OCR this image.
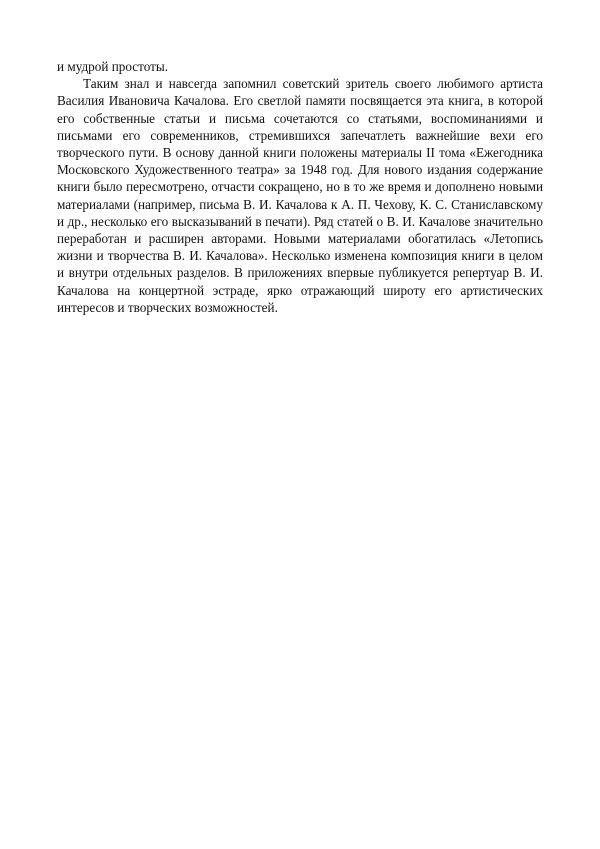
и мудрой простоты.

Таким знал и навсегда запомнил советский зритель своего любимого артиста Василия Ивановича Качалова. Его светлой памяти посвящается эта книга, в которой его собственные статьи и письма сочетаются со статьями, воспоминаниями и письмами его современников, стремившихся запечатлеть важнейшие вехи его творческого пути. В основу данной книги положены материалы II тома «Ежегодника Московского Художественного театра» за 1948 год. Для нового издания содержание книги было пересмотрено, отчасти сокращено, но в то же время и дополнено новыми материалами (например, письма В. И. Качалова к А. П. Чехову, К. С. Станиславскому и др., несколько его высказываний в печати). Ряд статей о В. И. Качалове значительно переработан и расширен авторами. Новыми материалами обогатилась «Летопись жизни и творчества В. И. Качалова». Несколько изменена композиция книги в целом и внутри отдельных разделов. В приложениях впервые публикуется репертуар В. И. Качалова на концертной эстраде, ярко отражающий широту его артистических интересов и творческих возможностей.
